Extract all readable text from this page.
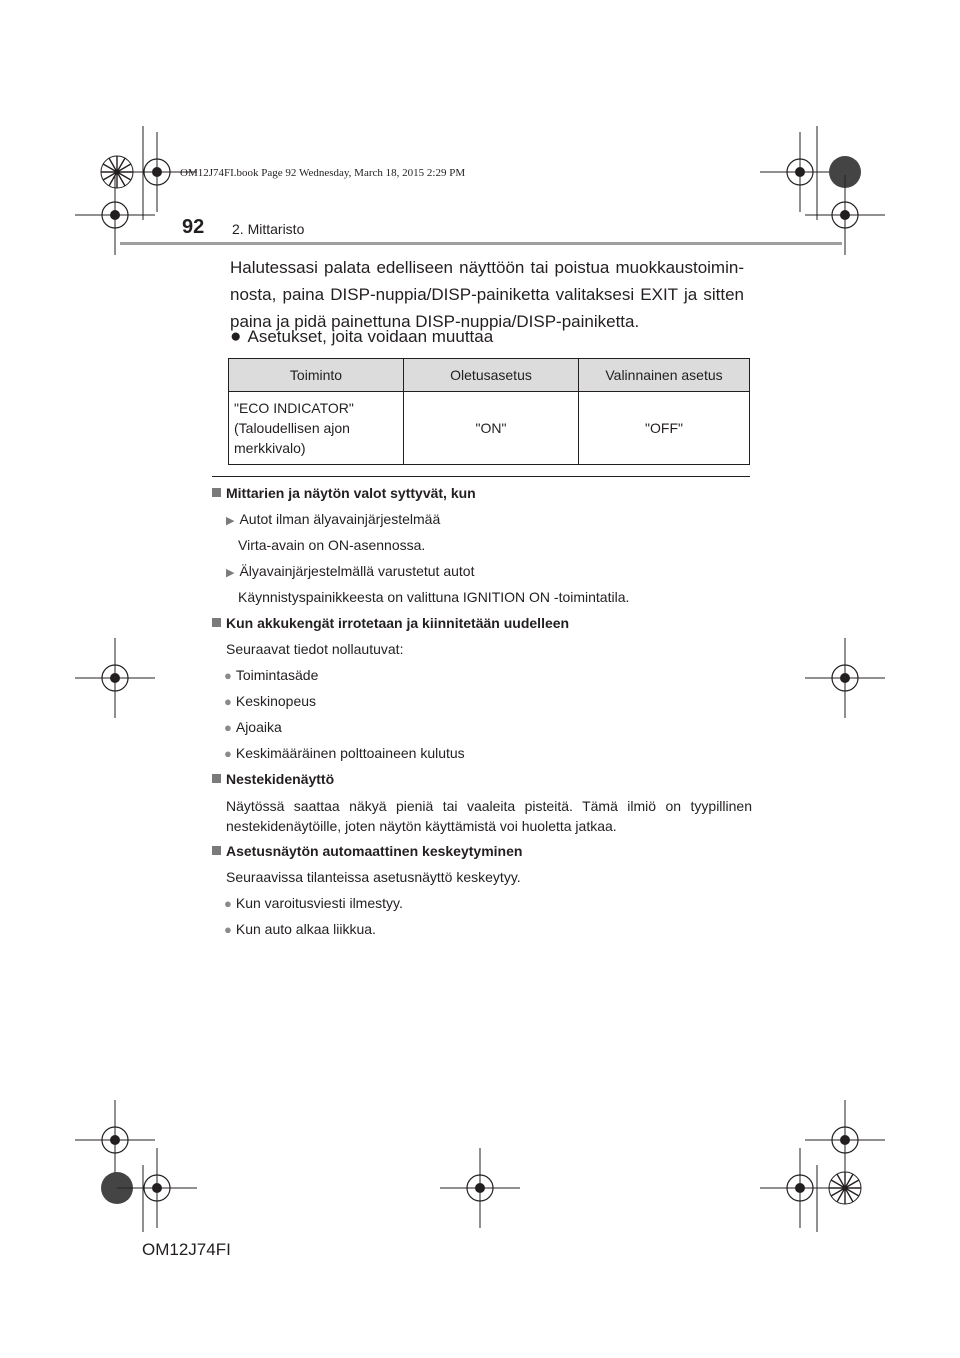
OM12J74FI.book Page 92 Wednesday, March 18, 2015 2:29 PM
92 2. Mittaristo
Halutessasi palata edelliseen näyttöön tai poistua muokkaustoimin-nosta, paina DISP-nuppia/DISP-painiketta valitaksesi EXIT ja sitten paina ja pidä painettuna DISP-nuppia/DISP-painiketta.
● Asetukset, joita voidaan muuttaa
Toiminto	Oletusasetus	Valinnainen asetus

"ECO INDICATOR"
(Taloudellisen ajon
merkkivalo)	"ON"	"OFF"
Mittarien ja näytön valot syttyvät, kun
▶ Autot ilman älyavainjärjestelmää
Virta-avain on ON-asennossa.
▶ Älyavainjärjestelmällä varustetut autot
Käynnistyspainikkeesta on valittuna IGNITION ON -toimintatila.
Kun akkukengät irrotetaan ja kiinnitetään uudelleen
Seuraavat tiedot nollautuvat:
● Toimintasäde
● Keskinopeus
● Ajoaika
● Keskimääräinen polttoaineen kulutus
Nestekidenäyttö
Näytössä saattaa näkyä pieniä tai vaaleita pisteitä. Tämä ilmiö on tyypillinen nestekidenäytöille, joten näytön käyttämistä voi huoletta jatkaa.
Asetusnäytön automaattinen keskeytyminen
Seuraavissa tilanteissa asetusnäyttö keskeytyy.
● Kun varoitusviesti ilmestyy.
● Kun auto alkaa liikkua.
OM12J74FI
